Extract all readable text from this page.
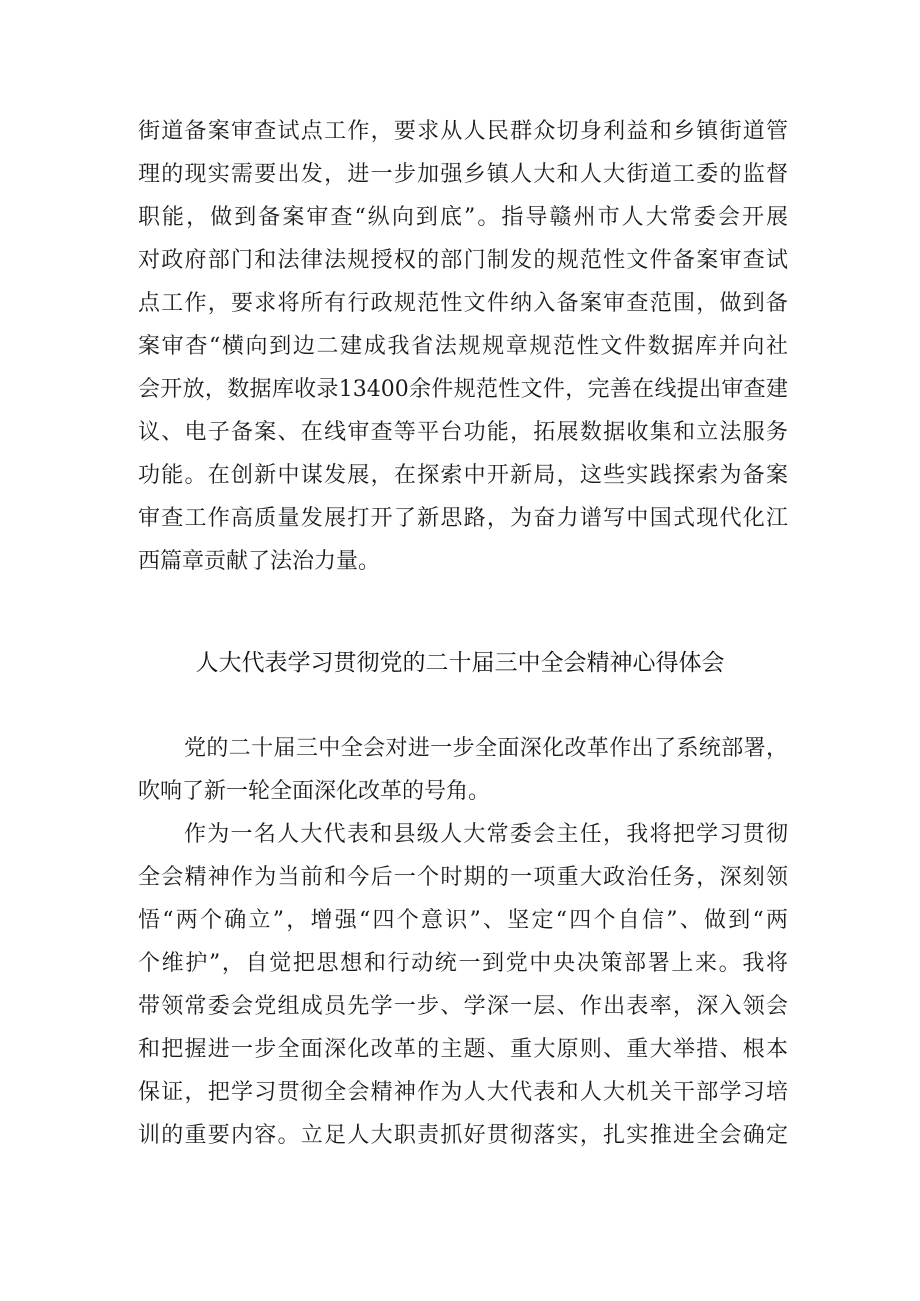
街道备案审查试点工作，要求从人民群众切身利益和乡镇街道管
理的现实需要出发，进一步加强乡镇人大和人大街道工委的监督
职能，做到备案审查“纵向到底”。指导赣州市人大常委会开展
对政府部门和法律法规授权的部门制发的规范性文件备案审查试
点工作，要求将所有行政规范性文件纳入备案审查范围，做到备
案审杳“横向到边二建成我省法规规章规范性文件数据库并向社
会开放，数据库收录13400余件规范性文件，完善在线提出审查建
议、电子备案、在线审查等平台功能，拓展数据收集和立法服务
功能。在创新中谋发展，在探索中开新局，这些实践探索为备案
审查工作高质量发展打开了新思路，为奋力谱写中国式现代化江
西篇章贡献了法治力量。
人大代表学习贯彻党的二十届三中全会精神心得体会
党的二十届三中全会对进一步全面深化改革作出了系统部署，
吹响了新一轮全面深化改革的号角。
作为一名人大代表和县级人大常委会主任，我将把学习贯彻
全会精神作为当前和今后一个时期的一项重大政治任务，深刻领
悟“两个确立”，增强“四个意识”、坚定“四个自信”、做到“两
个维护”，自觉把思想和行动统一到党中央决策部署上来。我将
带领常委会党组成员先学一步、学深一层、作出表率，深入领会
和把握进一步全面深化改革的主题、重大原则、重大举措、根本
保证，把学习贯彻全会精神作为人大代表和人大机关干部学习培
训的重要内容。立足人大职责抓好贯彻落实，扎实推进全会确定
